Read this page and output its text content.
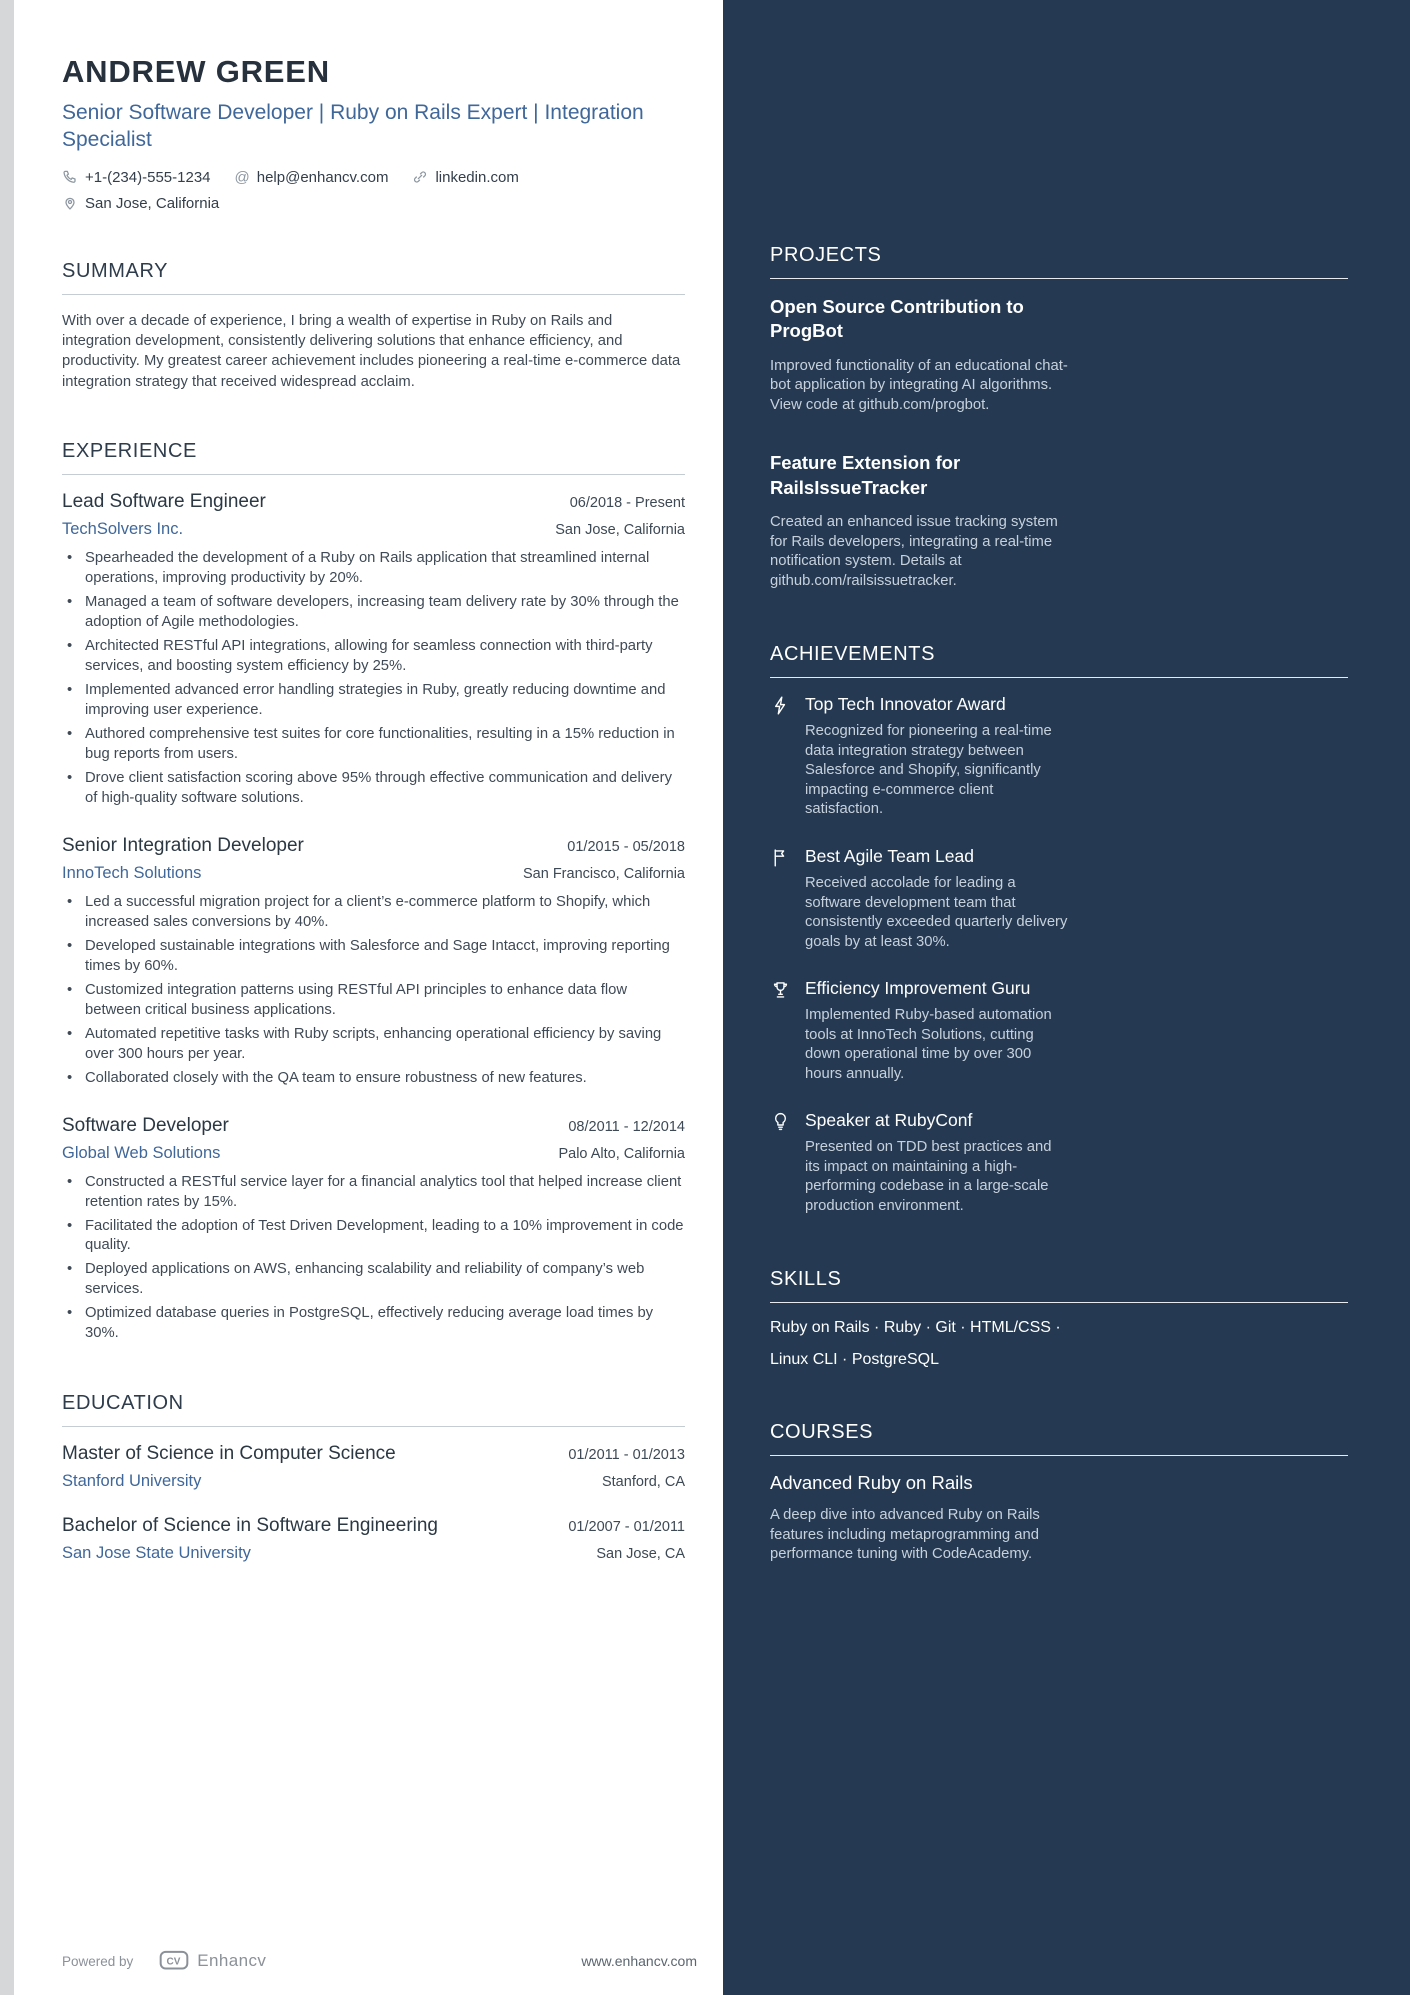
ANDREW GREEN
Senior Software Developer | Ruby on Rails Expert | Integration Specialist
+1-(234)-555-1234 @ help@enhancv.com	linkedin.com
San Jose, California
SUMMARY

With over a decade of experience, I bring a wealth of expertise in Ruby on Rails and integration development, consistently delivering solutions that enhance efficiency, and productivity. My greatest career achievement includes pioneering a real-time e-commerce data integration strategy that received widespread acclaim.

EXPERIENCE
Lead Software Engineer	06/2018 - Present
TechSolvers Inc.	San Jose, California
• Spearheaded the development of a Ruby on Rails application that streamlined internal operations, improving productivity by 20%.
• Managed a team of software developers, increasing team delivery rate by 30% through the adoption of Agile methodologies.
• Architected RESTful API integrations, allowing for seamless connection with third-party services, and boosting system efficiency by 25%.
• Implemented advanced error handling strategies in Ruby, greatly reducing downtime and improving user experience.
• Authored comprehensive test suites for core functionalities, resulting in a 15% reduction in bug reports from users.
• Drove client satisfaction scoring above 95% through effective communication and delivery of high-quality software solutions.
Senior Integration Developer	01/2015 - 05/2018
InnoTech Solutions	San Francisco, California
• Led a successful migration project for a client’s e-commerce platform to Shopify, which increased sales conversions by 40%.
• Developed sustainable integrations with Salesforce and Sage Intacct, improving reporting times by 60%.
• Customized integration patterns using RESTful API principles to enhance data flow between critical business applications.
• Automated repetitive tasks with Ruby scripts, enhancing operational efficiency by saving over 300 hours per year.
• Collaborated closely with the QA team to ensure robustness of new features.
Software Developer	08/2011 - 12/2014
Global Web Solutions	Palo Alto, California
• Constructed a RESTful service layer for a financial analytics tool that helped increase client retention rates by 15%.
• Facilitated the adoption of Test Driven Development, leading to a 10% improvement in code quality.
• Deployed applications on AWS, enhancing scalability and reliability of company’s web services.
• Optimized database queries in PostgreSQL, effectively reducing average load times by 30%.
EDUCATION
Master of Science in Computer Science	01/2011 - 01/2013
Stanford University	Stanford, CA
Bachelor of Science in Software Engineering	01/2007 - 01/2011
San Jose State University	San Jose, CA
Powered by	CV Enhancv	www.enhancv.com
PROJECTS
Open Source Contribution to ProgBot

Improved functionality of an educational chat-bot application by integrating AI algorithms. View code at github.com/progbot.

Feature Extension for RailsIssueTracker

Created an enhanced issue tracking system for Rails developers, integrating a real-time notification system. Details at github.com/railsissuetracker.

ACHIEVEMENTS
Top Tech Innovator Award

Recognized for pioneering a real-time data integration strategy between Salesforce and Shopify, significantly impacting e-commerce client satisfaction.

Best Agile Team Lead

Received accolade for leading a software development team that consistently exceeded quarterly delivery goals by at least 30%.

Efficiency Improvement Guru

Implemented Ruby-based automation tools at InnoTech Solutions, cutting down operational time by over 300 hours annually.

Speaker at RubyConf

Presented on TDD best practices and its impact on maintaining a high-performing codebase in a large-scale production environment.

SKILLS
Ruby on Rails · Ruby · Git · HTML/CSS ·
Linux CLI · PostgreSQL
COURSES
Advanced Ruby on Rails

A deep dive into advanced Ruby on Rails features including metaprogramming and performance tuning with CodeAcademy.
